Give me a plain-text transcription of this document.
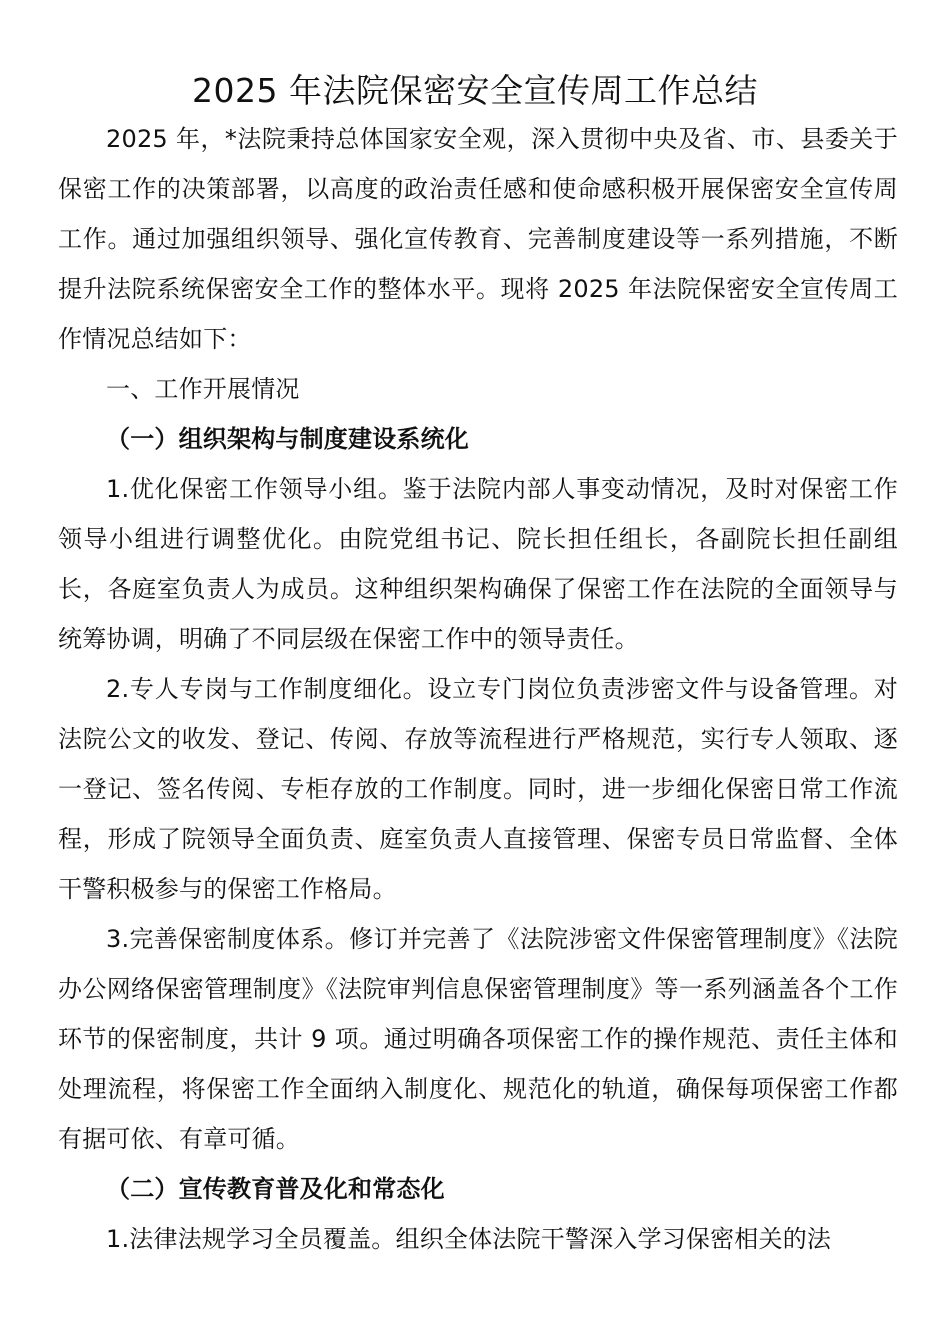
2025 年法院保密安全宣传周工作总结

2025 年，*法院秉持总体国家安全观，深入贯彻中央及省、市、县委关于保密工作的决策部署，以高度的政治责任感和使命感积极开展保密安全宣传周工作。通过加强组织领导、强化宣传教育、完善制度建设等一系列措施，不断提升法院系统保密安全工作的整体水平。现将 2025 年法院保密安全宣传周工作情况总结如下：

一、工作开展情况

（一）组织架构与制度建设系统化

1.优化保密工作领导小组。鉴于法院内部人事变动情况，及时对保密工作领导小组进行调整优化。由院党组书记、院长担任组长，各副院长担任副组长，各庭室负责人为成员。这种组织架构确保了保密工作在法院的全面领导与统筹协调，明确了不同层级在保密工作中的领导责任。

2.专人专岗与工作制度细化。设立专门岗位负责涉密文件与设备管理。对法院公文的收发、登记、传阅、存放等流程进行严格规范，实行专人领取、逐一登记、签名传阅、专柜存放的工作制度。同时，进一步细化保密日常工作流程，形成了院领导全面负责、庭室负责人直接管理、保密专员日常监督、全体干警积极参与的保密工作格局。

3.完善保密制度体系。修订并完善了《法院涉密文件保密管理制度》《法院办公网络保密管理制度》《法院审判信息保密管理制度》等一系列涵盖各个工作环节的保密制度，共计 9 项。通过明确各项保密工作的操作规范、责任主体和处理流程，将保密工作全面纳入制度化、规范化的轨道，确保每项保密工作都有据可依、有章可循。

（二）宣传教育普及化和常态化

1.法律法规学习全员覆盖。组织全体法院干警深入学习保密相关的法
